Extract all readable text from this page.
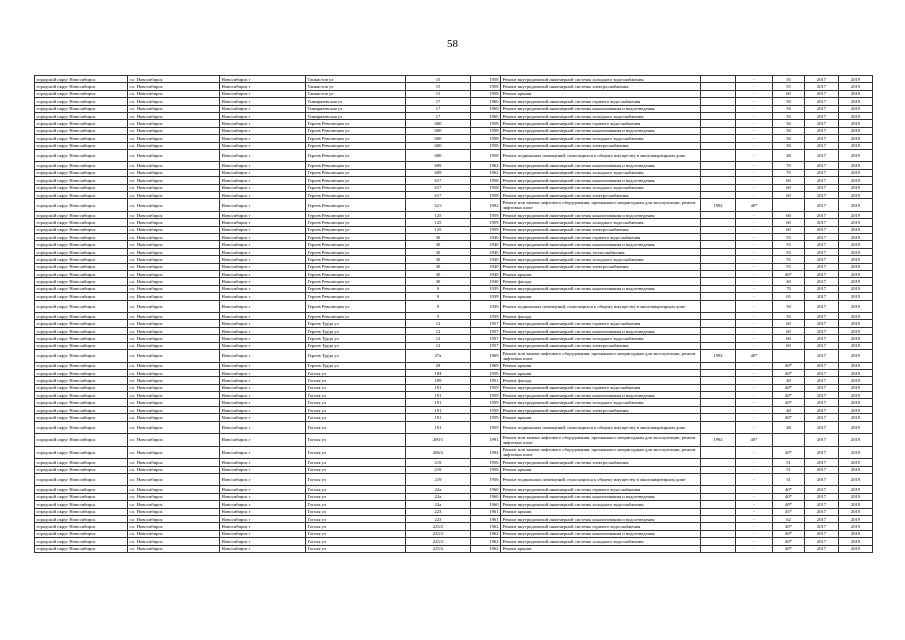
58
городской округ Новосибирск	г.о. Новосибирск	Новосибирск г	Танкистов ул	15	1958	Ремонт внутридомовой инженерной системы холодного водоснабжения		-	55	2017	2019
городской округ Новосибирск	г.о. Новосибирск	Новосибирск г	Танкистов ул	15	1958	Ремонт внутридомовой инженерной системы электроснабжения		-	55	2017	2019
городской округ Новосибирск	г.о. Новосибирск	Новосибирск г	Танкистов ул	15	1958	Ремонт крыши		-	60	2017	2019
городской округ Новосибирск	г.о. Новосибирск	Новосибирск г	Тимирязевская ул	17	1960	Ремонт внутридомовой инженерной системы горячего водоснабжения		-	50	2017	2019
городской округ Новосибирск	г.о. Новосибирск	Новосибирск г	Тимирязевская ул	17	1960	Ремонт внутридомовой инженерной системы канализования и водоотведения		-	50	2017	2019
городской округ Новосибирск	г.о. Новосибирск	Новосибирск г	Тимирязевская ул	17	1960	Ремонт внутридомовой инженерной системы холодного водоснабжения		-	50	2017	2019
городской округ Новосибирск	г.о. Новосибирск	Новосибирск г	Героев Революции ул	600	1958	Ремонт внутридомовой инженерной системы горячего водоснабжения		-	50	2017	2019
городской округ Новосибирск	г.о. Новосибирск	Новосибирск г	Героев Революции ул	600	1958	Ремонт внутридомовой инженерной системы канализования и водоотведения		-	50	2017	2019
городской округ Новосибирск	г.о. Новосибирск	Новосибирск г	Героев Революции ул	600	1958	Ремонт внутридомовой инженерной системы холодного водоснабжения		-	50	2017	2019
городской округ Новосибирск	г.о. Новосибирск	Новосибирск г	Героев Революции ул	600	1958	Ремонт внутридомовой инженерной системы электроснабжения		-	50	2017	2019
городской округ Новосибирск	г.о. Новосибирск	Новосибирск г	Героев Революции ул	600	1958	Ремонт подвальных помещений, относящихся к общему имуществу в многоквартирном доме		-	48	2017	2019
городской округ Новосибирск	г.о. Новосибирск	Новосибирск г	Героев Революции ул	609	1962	Ремонт внутридомовой инженерной системы канализования и водоотведения		-	70	2017	2019
городской округ Новосибирск	г.о. Новосибирск	Новосибирск г	Героев Революции ул	609	1962	Ремонт внутридомовой инженерной системы холодного водоснабжения		-	70	2017	2019
городской округ Новосибирск	г.о. Новосибирск	Новосибирск г	Героев Революции ул	617	1958	Ремонт внутридомовой инженерной системы канализования и водоотведения		-	60	2017	2019
городской округ Новосибирск	г.о. Новосибирск	Новосибирск г	Героев Революции ул	617	1958	Ремонт внутридомовой инженерной системы холодного водоснабжения		-	60	2017	2019
городской округ Новосибирск	г.о. Новосибирск	Новосибирск г	Героев Революции ул	617	1958	Ремонт внутридомовой инженерной системы электроснабжения		-	60	2017	2019
городской округ Новосибирск	г.о. Новосибирск	Новосибирск г	Героев Революции ул	12/1	1992	Ремонт или замена лифтового оборудования, признанного непригодным для эксплуатации, ремонт лифтовых шахт	1992	40*		2017	2019
городской округ Новосибирск	г.о. Новосибирск	Новосибирск г	Героев Революции ул	125	1959	Ремонт внутридомовой инженерной системы канализования и водоотведения		-	60	2017	2019
городской округ Новосибирск	г.о. Новосибирск	Новосибирск г	Героев Революции ул	125	1959	Ремонт внутридомовой инженерной системы холодного водоснабжения		-	60	2017	2019
городской округ Новосибирск	г.о. Новосибирск	Новосибирск г	Героев Революции ул	125	1959	Ремонт внутридомовой инженерной системы электроснабжения		-	60	2017	2019
городской округ Новосибирск	г.о. Новосибирск	Новосибирск г	Героев Революции ул	30	1940	Ремонт внутридомовой инженерной системы горячего водоснабжения		-	55	2017	2019
городской округ Новосибирск	г.о. Новосибирск	Новосибирск г	Героев Революции ул	30	1940	Ремонт внутридомовой инженерной системы канализования и водоотведения		-	55	2017	2019
городской округ Новосибирск	г.о. Новосибирск	Новосибирск г	Героев Революции ул	30	1940	Ремонт внутридомовой инженерной системы теплоснабжения		-	55	2017	2019
городской округ Новосибирск	г.о. Новосибирск	Новосибирск г	Героев Революции ул	30	1940	Ремонт внутридомовой инженерной системы холодного водоснабжения		-	55	2017	2019
городской округ Новосибирск	г.о. Новосибирск	Новосибирск г	Героев Революции ул	30	1940	Ремонт внутридомовой инженерной системы электроснабжения		-	55	2017	2019
городской округ Новосибирск	г.о. Новосибирск	Новосибирск г	Героев Революции ул	30	1940	Ремонт крыши		-	46*	2017	2019
городской округ Новосибирск	г.о. Новосибирск	Новосибирск г	Героев Революции ул	30	1940	Ремонт фасада		-	40	2017	2019
городской округ Новосибирск	г.о. Новосибирск	Новосибирск г	Героев Революции ул	9	1939	Ремонт внутридомовой инженерной системы канализования и водоотведения		-	70	2017	2019
городской округ Новосибирск	г.о. Новосибирск	Новосибирск г	Героев Революции ул	9	1939	Ремонт крыши		-	65	2017	2019
городской округ Новосибирск	г.о. Новосибирск	Новосибирск г	Героев Революции ул	9	1939	Ремонт подвальных помещений, относящихся к общему имуществу в многоквартирном доме		-	50	2017	2019
городской округ Новосибирск	г.о. Новосибирск	Новосибирск г	Героев Революции ул	9	1939	Ремонт фасада		-	50	2017	2019
городской округ Новосибирск	г.о. Новосибирск	Новосибирск г	Героев Труда ул	12	1957	Ремонт внутридомовой инженерной системы горячего водоснабжения		-	60	2017	2019
городской округ Новосибирск	г.о. Новосибирск	Новосибирск г	Героев Труда ул	12	1957	Ремонт внутридомовой инженерной системы канализования и водоотведения		-	60	2017	2019
городской округ Новосибирск	г.о. Новосибирск	Новосибирск г	Героев Труда ул	12	1957	Ремонт внутридомовой инженерной системы холодного водоснабжения		-	60	2017	2019
городской округ Новосибирск	г.о. Новосибирск	Новосибирск г	Героев Труда ул	12	1957	Ремонт внутридомовой инженерной системы электроснабжения		-	60	2017	2019
городской округ Новосибирск	г.о. Новосибирск	Новосибирск г	Героев Труда ул	27а	1969	Ремонт или замена лифтового оборудования, признанного непригодным для эксплуатации, ремонт лифтовых шахт	1992	40*		2017	2019
городской округ Новосибирск	г.о. Новосибирск	Новосибирск г	Героев Труда ул	29	1969	Ремонт крыши		-	40*	2017	2019
городской округ Новосибирск	г.о. Новосибирск	Новосибирск г	Гоголя ул	184	1958	Ремонт крыши		-	40*	2017	2019
городской округ Новосибирск	г.о. Новосибирск	Новосибирск г	Гоголя ул	189	1951	Ремонт фасада		-	40	2017	2019
городской округ Новосибирск	г.о. Новосибирск	Новосибирск г	Гоголя ул	191	1959	Ремонт внутридомовой инженерной системы горячего водоснабжения		-	40*	2017	2019
городской округ Новосибирск	г.о. Новосибирск	Новосибирск г	Гоголя ул	191	1959	Ремонт внутридомовой инженерной системы канализования и водоотведения		-	40*	2017	2019
городской округ Новосибирск	г.о. Новосибирск	Новосибирск г	Гоголя ул	191	1959	Ремонт внутридомовой инженерной системы холодного водоснабжения		-	40*	2017	2019
городской округ Новосибирск	г.о. Новосибирск	Новосибирск г	Гоголя ул	191	1959	Ремонт внутридомовой инженерной системы электроснабжения		-	40	2017	2019
городской округ Новосибирск	г.о. Новосибирск	Новосибирск г	Гоголя ул	191	1959	Ремонт крыши		-	40*	2017	2019
городской округ Новосибирск	г.о. Новосибирск	Новосибирск г	Гоголя ул	191	1959	Ремонт подвальных помещений, относящихся к общему имуществу в многоквартирном доме		-	48	2017	2019
городской округ Новосибирск	г.о. Новосибирск	Новосибирск г	Гоголя ул	200/1	1991	Ремонт или замена лифтового оборудования, признанного непригодным для эксплуатации, ремонт лифтовых шахт	1992	40*		2017	2019
городской округ Новосибирск	г.о. Новосибирск	Новосибирск г	Гоголя ул	206/2	1994	Ремонт или замена лифтового оборудования, признанного непригодным для эксплуатации, ремонт лифтовых шахт		-	40*	2017	2019
городской округ Новосибирск	г.о. Новосибирск	Новосибирск г	Гоголя ул	219	1956	Ремонт внутридомовой инженерной системы электроснабжения		-	51	2017	2019
городской округ Новосибирск	г.о. Новосибирск	Новосибирск г	Гоголя ул	219	1956	Ремонт крыши		-	51	2017	2019
городской округ Новосибирск	г.о. Новосибирск	Новосибирск г	Гоголя ул	219	1956	Ремонт подвальных помещений, относящихся к общему имуществу в многоквартирном доме		-	51	2017	2019
городской округ Новосибирск	г.о. Новосибирск	Новосибирск г	Гоголя ул	22а	1960	Ремонт внутридомовой инженерной системы горячего водоснабжения		-	40*	2017	2019
городской округ Новосибирск	г.о. Новосибирск	Новосибирск г	Гоголя ул	22а	1960	Ремонт внутридомовой инженерной системы канализования и водоотведения		-	40*	2017	2019
городской округ Новосибирск	г.о. Новосибирск	Новосибирск г	Гоголя ул	22а	1960	Ремонт внутридомовой инженерной системы холодного водоснабжения		-	40*	2017	2019
городской округ Новосибирск	г.о. Новосибирск	Новосибирск г	Гоголя ул	223	1961	Ремонт крыши		-	45*	2017	2019
городской округ Новосибирск	г.о. Новосибирск	Новосибирск г	Гоголя ул	223	1961	Ремонт внутридомовой инженерной системы канализования и водоотведения		-	62	2017	2019
городской округ Новосибирск	г.о. Новосибирск	Новосибирск г	Гоголя ул	225/2	1962	Ремонт внутридомовой инженерной системы горячего водоснабжения		-	40*	2017	2019
городской округ Новосибирск	г.о. Новосибирск	Новосибирск г	Гоголя ул	225/2	1962	Ремонт внутридомовой инженерной системы канализования и водоотведения		-	40*	2017	2019
городской округ Новосибирск	г.о. Новосибирск	Новосибирск г	Гоголя ул	225/2	1962	Ремонт внутридомовой инженерной системы холодного водоснабжения		-	40*	2017	2019
городской округ Новосибирск	г.о. Новосибирск	Новосибирск г	Гоголя ул	225/2	1962	Ремонт крыши		-	40*	2017	2019
